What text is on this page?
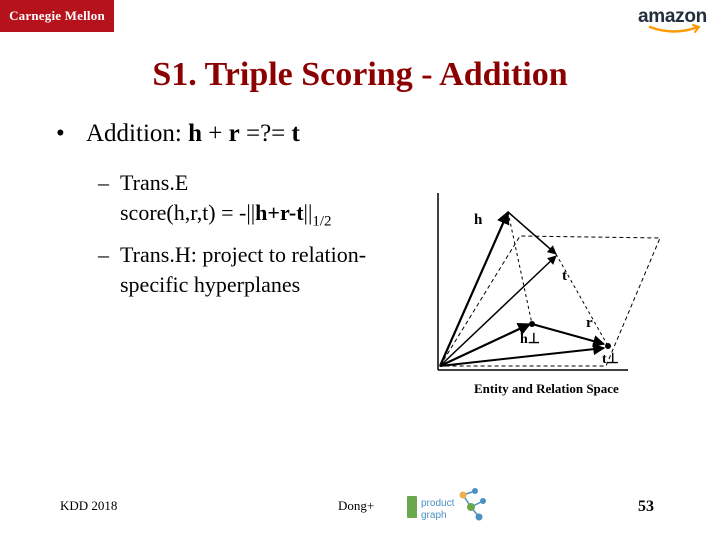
Carnegie Mellon	amazon
S1. Triple Scoring - Addition
• Addition: h + r =?= t
– Trans.E
score(h,r,t) = $-||h+r-t||_{1/2}$
– Trans.H: project to relation-
specific hyperplanes
h
t
r
h⊥
t⊥
Entity and Relation Space
KDD 2018	Dong+	product
graph
53
